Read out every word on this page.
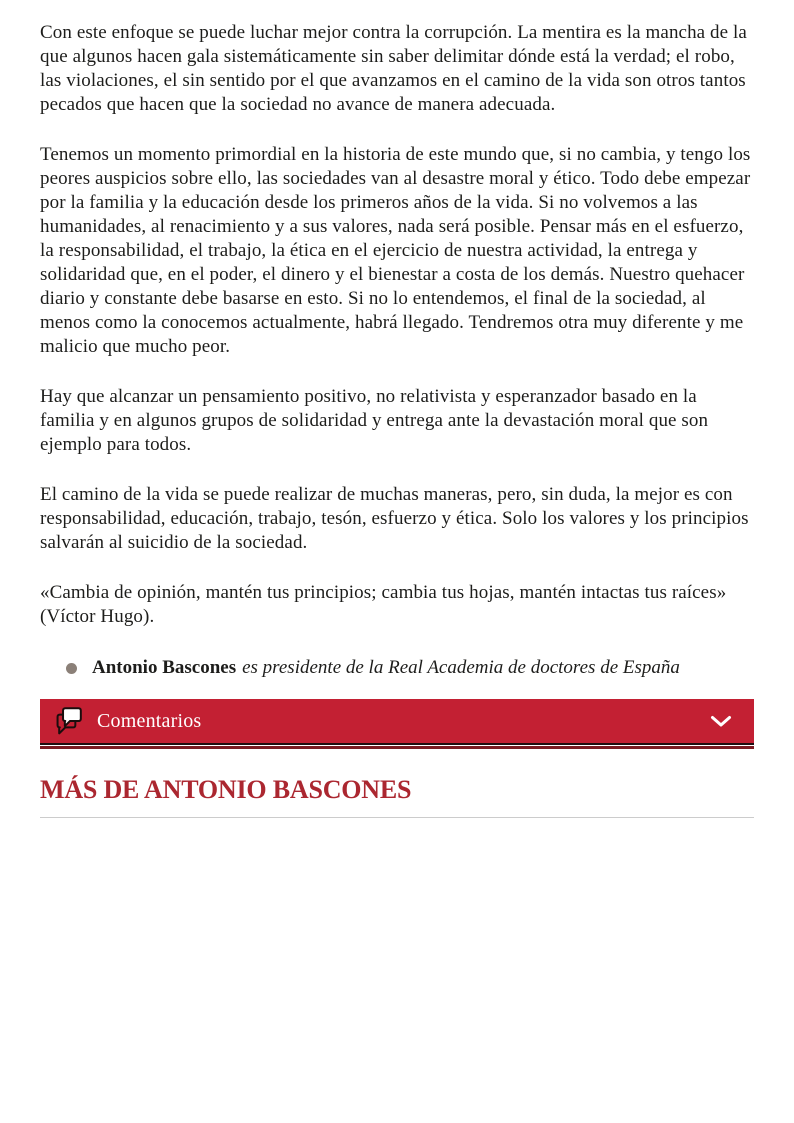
Con este enfoque se puede luchar mejor contra la corrupción. La mentira es la mancha de la que algunos hacen gala sistemáticamente sin saber delimitar dónde está la verdad; el robo, las violaciones, el sin sentido por el que avanzamos en el camino de la vida son otros tantos pecados que hacen que la sociedad no avance de manera adecuada.

Tenemos un momento primordial en la historia de este mundo que, si no cambia, y tengo los peores auspicios sobre ello, las sociedades van al desastre moral y ético. Todo debe empezar por la familia y la educación desde los primeros años de la vida. Si no volvemos a las humanidades, al renacimiento y a sus valores, nada será posible. Pensar más en el esfuerzo, la responsabilidad, el trabajo, la ética en el ejercicio de nuestra actividad, la entrega y solidaridad que, en el poder, el dinero y el bienestar a costa de los demás. Nuestro quehacer diario y constante debe basarse en esto. Si no lo entendemos, el final de la sociedad, al menos como la conocemos actualmente, habrá llegado. Tendremos otra muy diferente y me malicio que mucho peor.

Hay que alcanzar un pensamiento positivo, no relativista y esperanzador basado en la familia y en algunos grupos de solidaridad y entrega ante la devastación moral que son ejemplo para todos.

El camino de la vida se puede realizar de muchas maneras, pero, sin duda, la mejor es con responsabilidad, educación, trabajo, tesón, esfuerzo y ética. Solo los valores y los principios salvarán al suicidio de la sociedad.

«Cambia de opinión, mantén tus principios; cambia tus hojas, mantén intactas tus raíces» (Víctor Hugo).

Antonio Bascones es presidente de la Real Academia de doctores de España

Comentarios
MÁS DE ANTONIO BASCONES
